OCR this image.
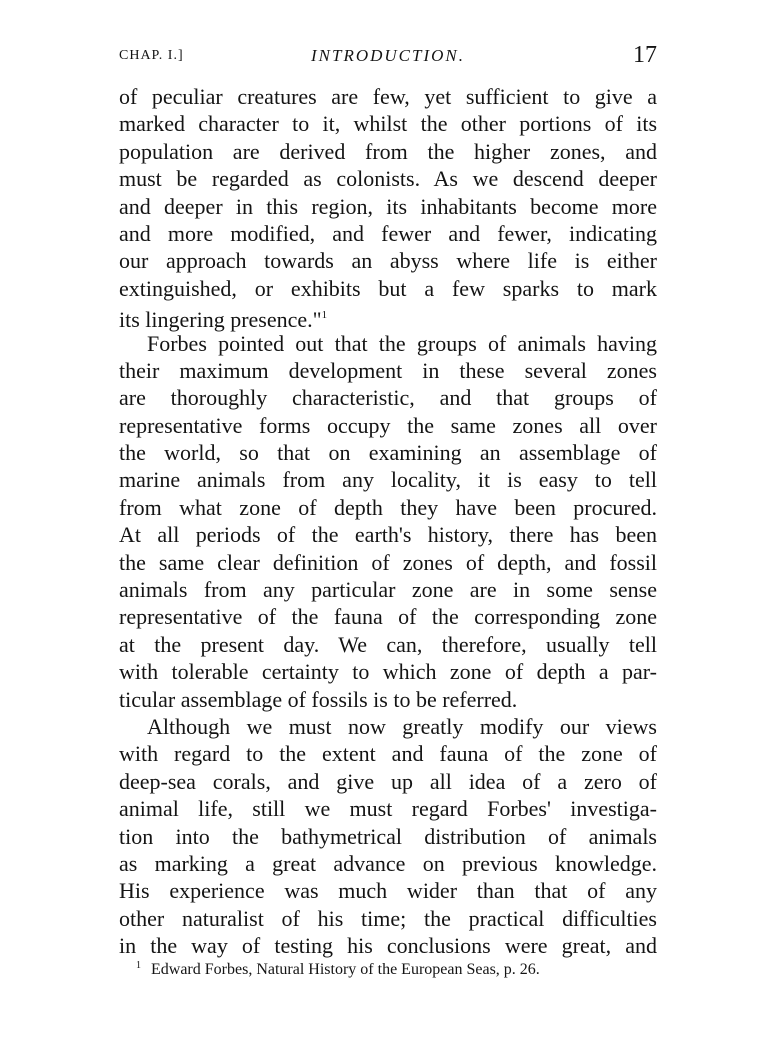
CHAP. I.]	INTRODUCTION.	17
of peculiar creatures are few, yet sufficient to give a
marked character to it, whilst the other portions of its
population are derived from the higher zones, and
must be regarded as colonists. As we descend deeper
and deeper in this region, its inhabitants become more
and more modified, and fewer and fewer, indicating
our approach towards an abyss where life is either
extinguished, or exhibits but a few sparks to mark
its lingering presence."$^1$
Forbes pointed out that the groups of animals having
their maximum development in these several zones
are thoroughly characteristic, and that groups of
representative forms occupy the same zones all over
the world, so that on examining an assemblage of
marine animals from any locality, it is easy to tell
from what zone of depth they have been procured.
At all periods of the earth's history, there has been
the same clear definition of zones of depth, and fossil
animals from any particular zone are in some sense
representative of the fauna of the corresponding zone
at the present day. We can, therefore, usually tell
with tolerable certainty to which zone of depth a par-
ticular assemblage of fossils is to be referred.
Although we must now greatly modify our views
with regard to the extent and fauna of the zone of
deep-sea corals, and give up all idea of a zero of
animal life, still we must regard Forbes' investiga-
tion into the bathymetrical distribution of animals
as marking a great advance on previous knowledge.
His experience was much wider than that of any
other naturalist of his time; the practical difficulties
in the way of testing his conclusions were great, and
$^1$ Edward Forbes, Natural History of the European Seas, p. 26.
